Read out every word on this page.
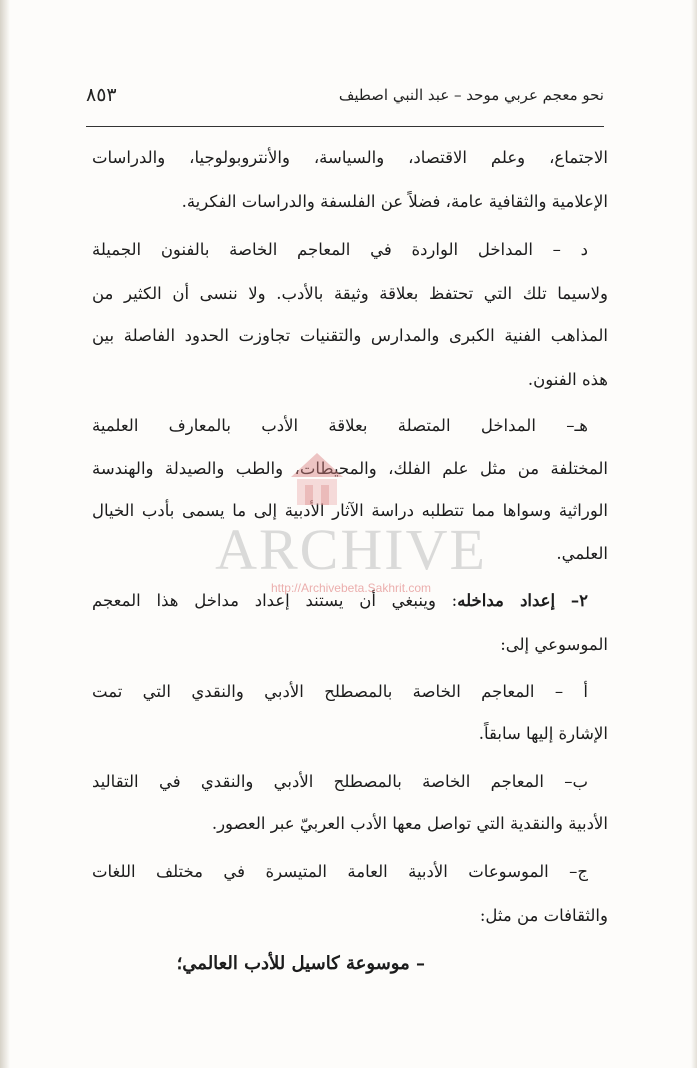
نحو معجم عربي موحد – عبد النبي اصطيف
٨٥٣
الاجتماع، وعلم الاقتصاد، والسياسة، والأنتروبولوجيا، والدراسات
الإعلامية والثقافية عامة، فضلاً عن الفلسفة والدراسات الفكرية.
د – المداخل الواردة في المعاجم الخاصة بالفنون الجميلة
ولاسيما تلك التي تحتفظ بعلاقة وثيقة بالأدب. ولا ننسى أن الكثير من
المذاهب الفنية الكبرى والمدارس والتقنيات تجاوزت الحدود الفاصلة بين
هذه الفنون.
هـ– المداخل المتصلة بعلاقة الأدب بالمعارف العلمية
المختلفة من مثل علم الفلك، والمحيطات، والطب والصيدلة والهندسة
الوراثية وسواها مما تتطلبه دراسة الآثار الأدبية إلى ما يسمى بأدب الخيال
العلمي.
٢– إعداد مداخله: وينبغي أن يستند إعداد مداخل هذا المعجم
الموسوعي إلى:
أ – المعاجم الخاصة بالمصطلح الأدبي والنقدي التي تمت
الإشارة إليها سابقاً.
ب– المعاجم الخاصة بالمصطلح الأدبي والنقدي في التقاليد
الأدبية والنقدية التي تواصل معها الأدب العربيّ عبر العصور.
ج– الموسوعات الأدبية العامة المتيسرة في مختلف اللغات
والثقافات من مثل:
– موسوعة كاسيل للأدب العالمي؛
ARCHIVE
http://Archivebeta.Sakhrit.com
